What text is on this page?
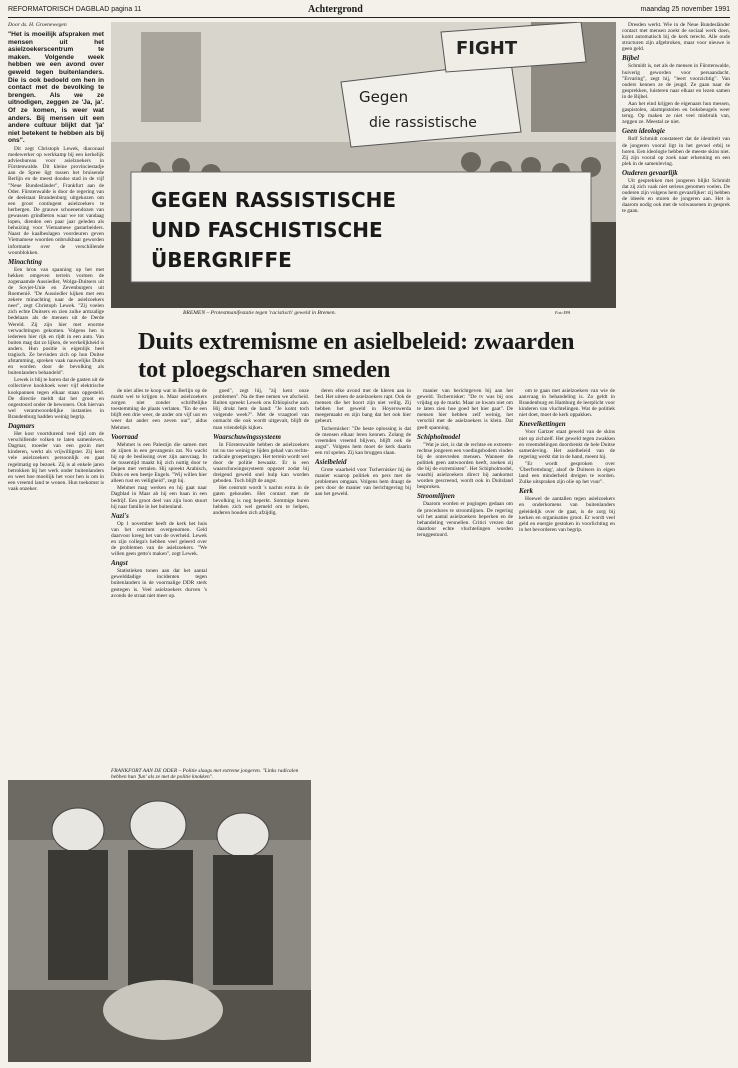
REFORMATORISCH DAGBLAD pagina 11	Achtergrond	maandag 25 november 1991
Door ds. H. Groenewegen

"Het is moeilijk afspraken met mensen uit het asielzoekerscentrum te maken. Volgende week hebben we een avond over geweld tegen buitenlanders. Die is ook bedoeld om hen in contact met de bevolking te brengen. Als we ze uitnodigen, zeggen ze 'Ja, ja'. Of ze komen, is weer wat anders. Bij mensen uit een andere cultuur blijkt dat 'ja' niet betekent te hebben als bij ons".

Dit zegt Christoph Lewek, diaconaal medewerker op werkkamp bij een kerkelijk adviesbureau voor asielzoekers in Fürstenwalde. Dit kleine provinciestadje aan de Spree ligt tussen het bruisende Berlijn en de meest doodse stad in de vijf "Neue Bundesländer", Frankfurt aan de Oder. Fürstenwalde is door de regering van de deelstaat Brandenburg uitgekozen om een groot contingent asielzoekers te herbergen. De grauwe schoenendozen van gewassen grindbeton waar we tot vandaag lopen, dienden een paar jaar geleden als behuizing voor Vietnamese gastarbeiders. Naast de kaalbeslagen voordeuren geven Vietnamese woorden onbruikbaar geworden informatie over de verschillende woonblokken.

Minachting

Een bron van spanning op het met hekken omgeven terrein vormen de zogenaamde Aussiedler, Wolga-Duitsers uit de Sovjet-Unie en Zevenburgers uit Roemenië. "De Aussiedler kijken met een zekere minachting naar de asielzoekers neer", zegt Christoph Lewek. "Zij voelen zich echte Duitsers en zien zulke armzalige bedelaars als de mensen uit de Derde Wereld. Zij zijn hier met enorme verwachtingen gekomen. Volgens hen is iedereen hier rijk en rijdt in een auto. Van buiten mag dat zo lijken, de werkelijkheid is anders. Hun positie is eigenlijk heel tragisch. Ze bevinden zich op hun Duitse afstamming, spreken vaak nauwelijks Duits en worden door de bevolking als buitenlanders behandeld".

Lewek is blij te horen dat de gasten uit de collectieve kookhoek weer vijf elektrische kookpannen tegen elkaar staan opgesteld. De directie meldt dat het groot en ongestoord onder de bewoners. Ook hiervan wel verantwoordelijke instanties in Brandenburg hadden weinig begrip.

Dagmars

Het kost voortdurend veel tijd om de verschillende volken te laten samenleven. Dagmar, moeder van een gezin met kinderen, werkt als vrijwilligster. Zij kent vele asielzoekers persoonlijk en gaat regelmatig op bezoek. Zij is al enkele jaren betrokken bij het werk onder buitenlanders en weet hoe moeilijk het voor hen is om in een vreemd land te wonen. Hun toekomst is vaak onzeker.

Gegen
die rassistische
FIGHT
GEGEN RASSISTISCHE
UND FASCHISTISCHE
ÜBERGRIFFE
BREMEN – Protestmanifestatie tegen 'racistisch' geweld in Bremen.	Foto EPA
Duits extremisme en asielbeleid: zwaarden tot ploegscharen smeden

Dresden werkt. Wie in de Neue Bundesländer contact met mensen zoekt de sociaal werk doen, komt automatisch bij de kerk terecht. Alle oude structuren zijn afgebroken, maar voor nieuwe is geen geld.

Bijbel

Schmidt is, net als de mensen in Fürstenwalde, huiverig geworden voor persaandacht. "Ervaring", zegt hij, "leert voorzichtig". Van ouders kennen ze de jeugd. Ze gaan naar de gesprekken, luisteren naar elkaar en lezen samen in de Bijbel.

Aan het eind krijgen de eigenaars hun messen, gaspistolen, alarmpistolen en boksbeugels weer terug. Op maken ze niet veel misbruik van, zeggen ze. Meestal ze niet.

Geen ideologie

Rolf Schmidt constateert dat de identiteit van de jongeren vooral ligt in het gevoel erbij te horen. Een ideologie hebben de meeste skins niet. Zij zijn vooral op zoek naar erkenning en een plek in de samenleving.

Ouderen gevaarlijk

Uit gesprekken met jongeren blijkt Schmidt dat zij zich vaak niet serieus genomen voelen. De ouderen zijn volgens hem gevaarlijker: zij hebben de ideeën en sturen de jongeren aan. Het is daarom nodig ook met de volwassenen in gesprek te gaan.

de niet alles te koop wat in Berlijn op de markt wel te krijgen is. Maar asielzoekers zorgen niet zonder schriftelijke toestemming de plaats verlaten. "En de een blijft een drie weer, de ander om vijf uur en weer dat ander een zeven uur", aldus Mehmet.

Voorraad

Mehmet is een Palestijn die samen met de zijnen in een gevangenis zat. Nu wacht hij op de beslissing over zijn aanvraag. In de tussentijd maakt hij zich nuttig door te helpen met vertalen. Hij spreekt Arabisch, Duits en een beetje Engels. "Wij willen hier alleen rust en veiligheid", zegt hij.

Mehmet mag werken en hij gaat naar Dagblad in Maar ah hij een baan in een bedrijf. Een groot deel van zijn loon stuurt hij naar familie in het buitenland.

Nazi's

Op 1 november heeft de kerk het huis van het centrum overgenomen. Geld daarvoor kreeg het van de overheid. Lewek en zijn collega's hebben veel geleerd over de problemen van de asielzoekers. "We willen geen getto's maken", zegt Lewek.

Angst

Statistieken tonen aan dat het aantal gewelddadige incidenten tegen buitenlanders in de voormalige DDR sterk gestegen is. Veel asielzoekers durven 's avonds de straat niet meer op.

goed", zegt hij, "zij kent onze problemen". Na de thee nemen we afscheid. Buiten spreekt Lewek ons Ethiopische aan. Hij drukt hem de hand: "Je komt toch volgende week?". Met de vraagtoel van onmacht die ook wordt uitgevalt, blijft de man vriendelijk kijken.

Waarschuwingssysteem

In Fürstenwalde hebben de asielzoekers tot nu toe weinig te lijden gehad van rechts-radicale groeperingen. Het terrein wordt wel door de politie bewaakt. Er is een waarschuwingssysteem opgezet zodat bij dreigend geweld snel hulp kan worden geboden. Toch blijft de angst.

Het centrum wordt 's nachts extra in de gaten gehouden. Het contact met de bevolking is nog beperkt. Sommige buren hebben zich wel gemeld om te helpen, anderen houden zich afzijdig.

deren elke avond met de kleren aan in bed. Het uiteen de asielzoekers rapt. Ook de mensen die het hoort zijn niet veilig. Zij hebben het geweld in Hoyerswerda meegemaakt en zijn bang dat het ook hier gebeurt.

Tschernisker: "De beste oplossing is dat de mensen elkaar leren kennen. Zolang de vreemden vreemd blijven, blijft ook de angst". Volgens hem moet de kerk daarin een rol spelen. Zij kan bruggen slaan.

Asielbeleid

Grote waarheid voor Tschernisker hij de manier waarop politiek en pers met de problemen omgaan. Volgens hem draagt de pers door de manier van berichtgeving bij aan het geweld.

manier van berichtgeven bij aan het geweld. Tschernisker: "De tv was bij ons vrijdag op de markt. Maar ze kwam niet om te laten zien hoe goed het hier gaat". De mensen hier hebben zelf weinig, het verschil met de asielzoekers is klein. Dat geeft spanning.

Schipholmodel

"Wat je ziet, is dat de rechtse en extreem-rechtse jongeren een voedingsbodem vinden bij de ontevreden mensen. Wanneer de politiek geen antwoorden heeft, zoeken zij die bij de extremisten". Het Schipholmodel, waarbij asielzoekers direct bij aankomst worden gescreend, wordt ook in Duitsland besproken.

Stroomlijnen

Daarom worden er pogingen gedaan om de procedures te stroomlijnen. De regering wil het aantal asielzoekers beperken en de behandeling versnellen. Critici vrezen dat daardoor echte vluchtelingen worden teruggestuurd.

om te gaan met asielzoekers van wie de aanvraag in behandeling is. Zo geldt in Brandenburg en Hamburg de leerplicht voor kinderen van vluchtelingen. Wat de politiek niet doet, moet de kerk oppakken.

Knevelkettingen

Voor Gartzer staat geweld van de skins niet op zichzelf. Het geweld tegen zwakken en vreemdelingen doordrenkt de hele Duitse samenleving. Het asielbeleid van de regering werkt dat in de hand, meent hij.

"Er wordt gesproken over 'Überfremdung', alsof de Duitsers in eigen land een minderheid dreigen te worden. Zulke uitspraken zijn olie op het vuur".

Kerk

Hoewel de aantallen tegen asielzoekers en onderkomens van buitenlanders geleidelijk over de gaat, is de zorg bij kerken en organisaties groot. Er wordt veel geld en energie gestoken in voorlichting en in het bevorderen van begrip.

FRANKFORT AAN DE ODER – Politie slaags met extreme jongeren. "Links radicalen hebben hun 'fun' als ze met de politie knokken".
